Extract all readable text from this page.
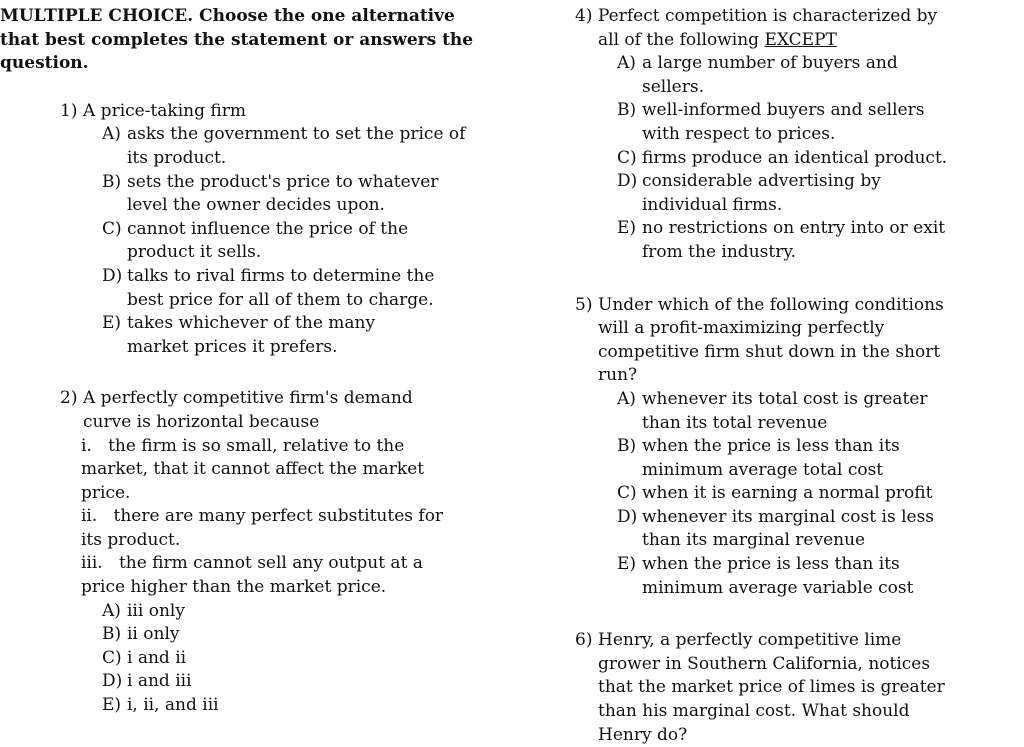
MULTIPLE CHOICE. Choose the one alternative that best completes the statement or answers the question.

1) A price-taking firm
A) asks the government to set the price of its product.
B) sets the product's price to whatever level the owner decides upon.
C) cannot influence the price of the product it sells.
D) talks to rival firms to determine the best price for all of them to charge.
E) takes whichever of the many market prices it prefers.
2) A perfectly competitive firm's demand curve is horizontal because
i. the firm is so small, relative to the market, that it cannot affect the market price.
ii. there are many perfect substitutes for its product.
iii. the firm cannot sell any output at a price higher than the market price.
A) iii only
B) ii only
C) i and ii
D) i and iii
E) i, ii, and iii
4) Perfect competition is characterized by all of the following EXCEPT
A) a large number of buyers and sellers.
B) well-informed buyers and sellers with respect to prices.
C) firms produce an identical product.
D) considerable advertising by individual firms.
E) no restrictions on entry into or exit from the industry.
5) Under which of the following conditions will a profit-maximizing perfectly competitive firm shut down in the short run?
A) whenever its total cost is greater than its total revenue
B) when the price is less than its minimum average total cost
C) when it is earning a normal profit
D) whenever its marginal cost is less than its marginal revenue
E) when the price is less than its minimum average variable cost
6) Henry, a perfectly competitive lime grower in Southern California, notices that the market price of limes is greater than his marginal cost. What should Henry do?
